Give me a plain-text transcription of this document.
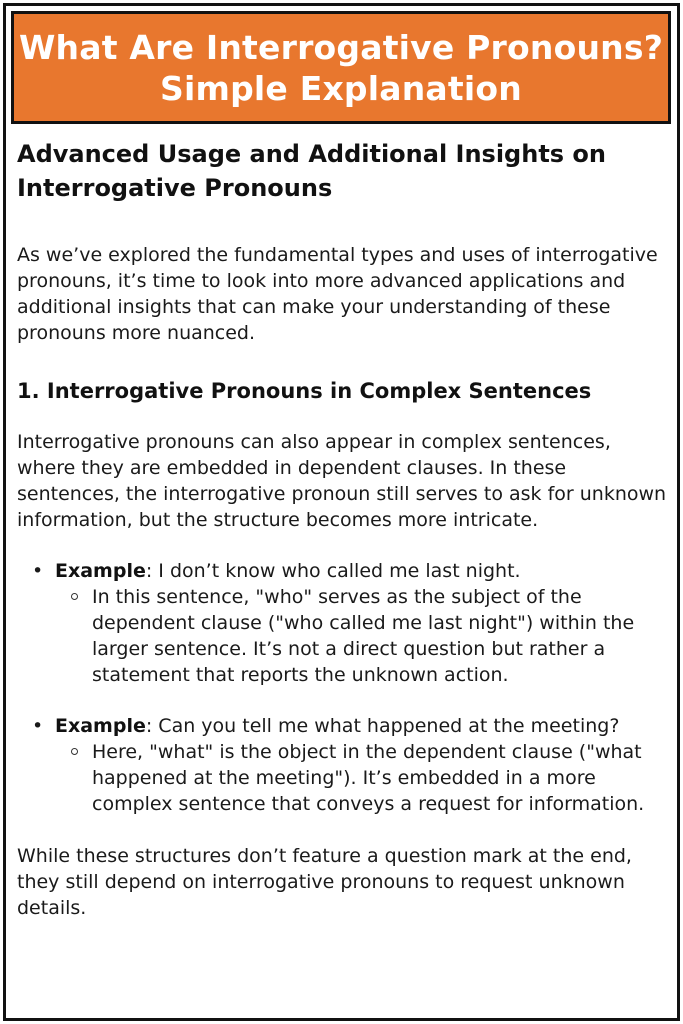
What Are Interrogative Pronouns? Simple Explanation
Advanced Usage and Additional Insights on Interrogative Pronouns

As we’ve explored the fundamental types and uses of interrogative pronouns, it’s time to look into more advanced applications and additional insights that can make your understanding of these pronouns more nuanced.

1. Interrogative Pronouns in Complex Sentences

Interrogative pronouns can also appear in complex sentences, where they are embedded in dependent clauses. In these sentences, the interrogative pronoun still serves to ask for unknown information, but the structure becomes more intricate.

• Example: I don’t know who called me last night.
In this sentence, "who" serves as the subject of the dependent clause ("who called me last night") within the larger sentence. It’s not a direct question but rather a statement that reports the unknown action.
• Example: Can you tell me what happened at the meeting?
Here, "what" is the object in the dependent clause ("what happened at the meeting"). It’s embedded in a more complex sentence that conveys a request for information.

While these structures don’t feature a question mark at the end, they still depend on interrogative pronouns to request unknown details.
